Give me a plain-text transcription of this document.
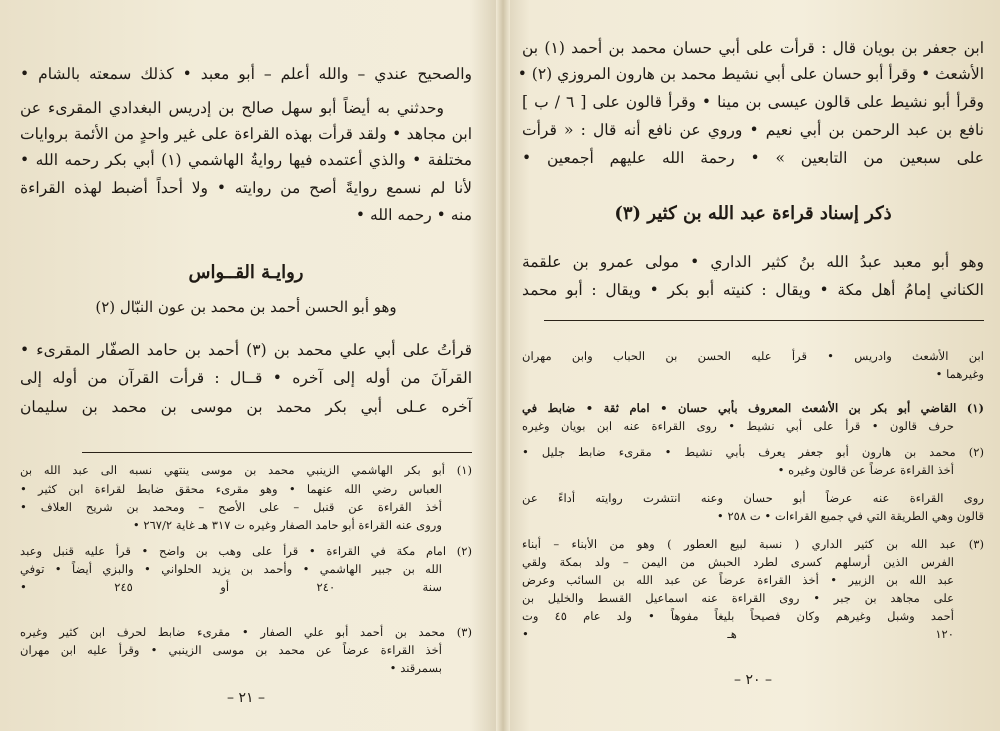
والصحيح عندي – والله أعلم – أبو معبد • كذلك سمعته بالشام •
وحدثني به أيضاً أبو سهل صالح بن إدريس البغدادي المقرىء عن
ابن مجاهد • ولقد قرأت بهذه القراءة على غير واحدٍ من الأئمة بروايات
مختلفة • والذي أعتمده فيها روايةُ الهاشمي (١) أبي بكر رحمه الله •
لأنا لم نسمع روايةً أصح من روايته • ولا أحداً أضبط لهذه القراءة
منه • رحمه الله •
روايـة القــواس
وهو أبو الحسن أحمد بن محمد بن عون النبّال (٢)
قرأتُ على أبي علي محمد بن (٣) أحمد بن حامد الصفّار المقرىء •
القرآنَ من أوله إلى آخره • قــال : قرأت القرآن من أوله إلى
آخره عـلى أبي بكر محمد بن موسى بن محمد بن سليمان
(١) أبو بكر الهاشمي الزينبي محمد بن موسى ينتهي نسبه الى عبد الله بن
العباس رضي الله عنهما • وهو مقرىء محقق ضابط لقراءة ابن كثير •
أخذ القراءة عن قنبل – على الأصح – ومحمد بن شريح العلاف •
وروى عنه القراءة أبو حامد الصفار وغيره ت ٣١٧ هـ غاية ٢٦٧/٢ •
(٢) امام مكة في القراءة • قرأ على وهب بن واضح • قرأ عليه قنبل وعبد
الله بن جبير الهاشمي • وأحمد بن يزيد الحلواني • والبزي أيضاً • توفي
سنة ٢٤٠ أو ٢٤٥ •
(٣) محمد بن أحمد أبو علي الصفار • مقرىء ضابط لحرف ابن كثير وغيره
أخذ القراءة عرضاً عن محمد بن موسى الزينبي • وقرأ عليه ابن مهران
بسمرقند •
– ٢١ –
ابن جعفر بن بويان قال : قرأت على أبي حسان محمد بن أحمد (١) بن
الأشعث • وقرأ أبو حسان على أبي نشيط محمد بن هارون المروزي (٢) •
وقرأ أبو نشيط على قالون عيسى بن مينا • وقرأ قالون على [ ٦ / ب ]
نافع بن عبد الرحمن بن أبي نعيم • وروي عن نافع أنه قال : « قرأت
على سبعين من التابعين » • رحمة الله عليهم أجمعين •
ذكر إسناد قراءة عبد الله بن كثير (٣)
وهو أبو معبد عبدُ الله بنُ كثير الداري • مولى عمرو بن علقمة
الكناني إمامُ أهل مكة • ويقال : كنيته أبو بكر • ويقال : أبو محمد
ابن الأشعث وادريس • قرأ عليه الحسن بن الحباب وابن مهران
وغيرهما •
(١) القاضي أبو بكر بن الأشعث المعروف بأبي حسان • امام ثقة • ضابط في
حرف قالون • قرأ على أبي نشيط • روى القراءة عنه ابن بويان وغيره
(٢) محمد بن هارون أبو جعفر يعرف بأبي نشيط • مقرىء ضابط جليل •
أخذ القراءة عرضاً عن قالون وغيره •
روى القراءة عنه عرضاً أبو حسان وعنه انتشرت روايته أداءً عن
قالون وهي الطريقة التي في جميع القراءات • ت ٢٥٨ •
(٣) عبد الله بن كثير الداري ( نسبة لبيع العطور ) وهو من الأبناء – أبناء
الفرس الذين أرسلهم كسرى لطرد الحبش من اليمن – ولد بمكة ولقي
عبد الله بن الزبير • أخذ القراءة عرضاً عن عبد الله بن السائب وعرض
على مجاهد بن جبر • روى القراءة عنه اسماعيل القسط والخليل بن
أحمد وشبل وغيرهم وكان فصيحاً بليغاً مفوهاً • ولد عام ٤٥ وت
١٢٠ هـ •
– ٢٠ –
